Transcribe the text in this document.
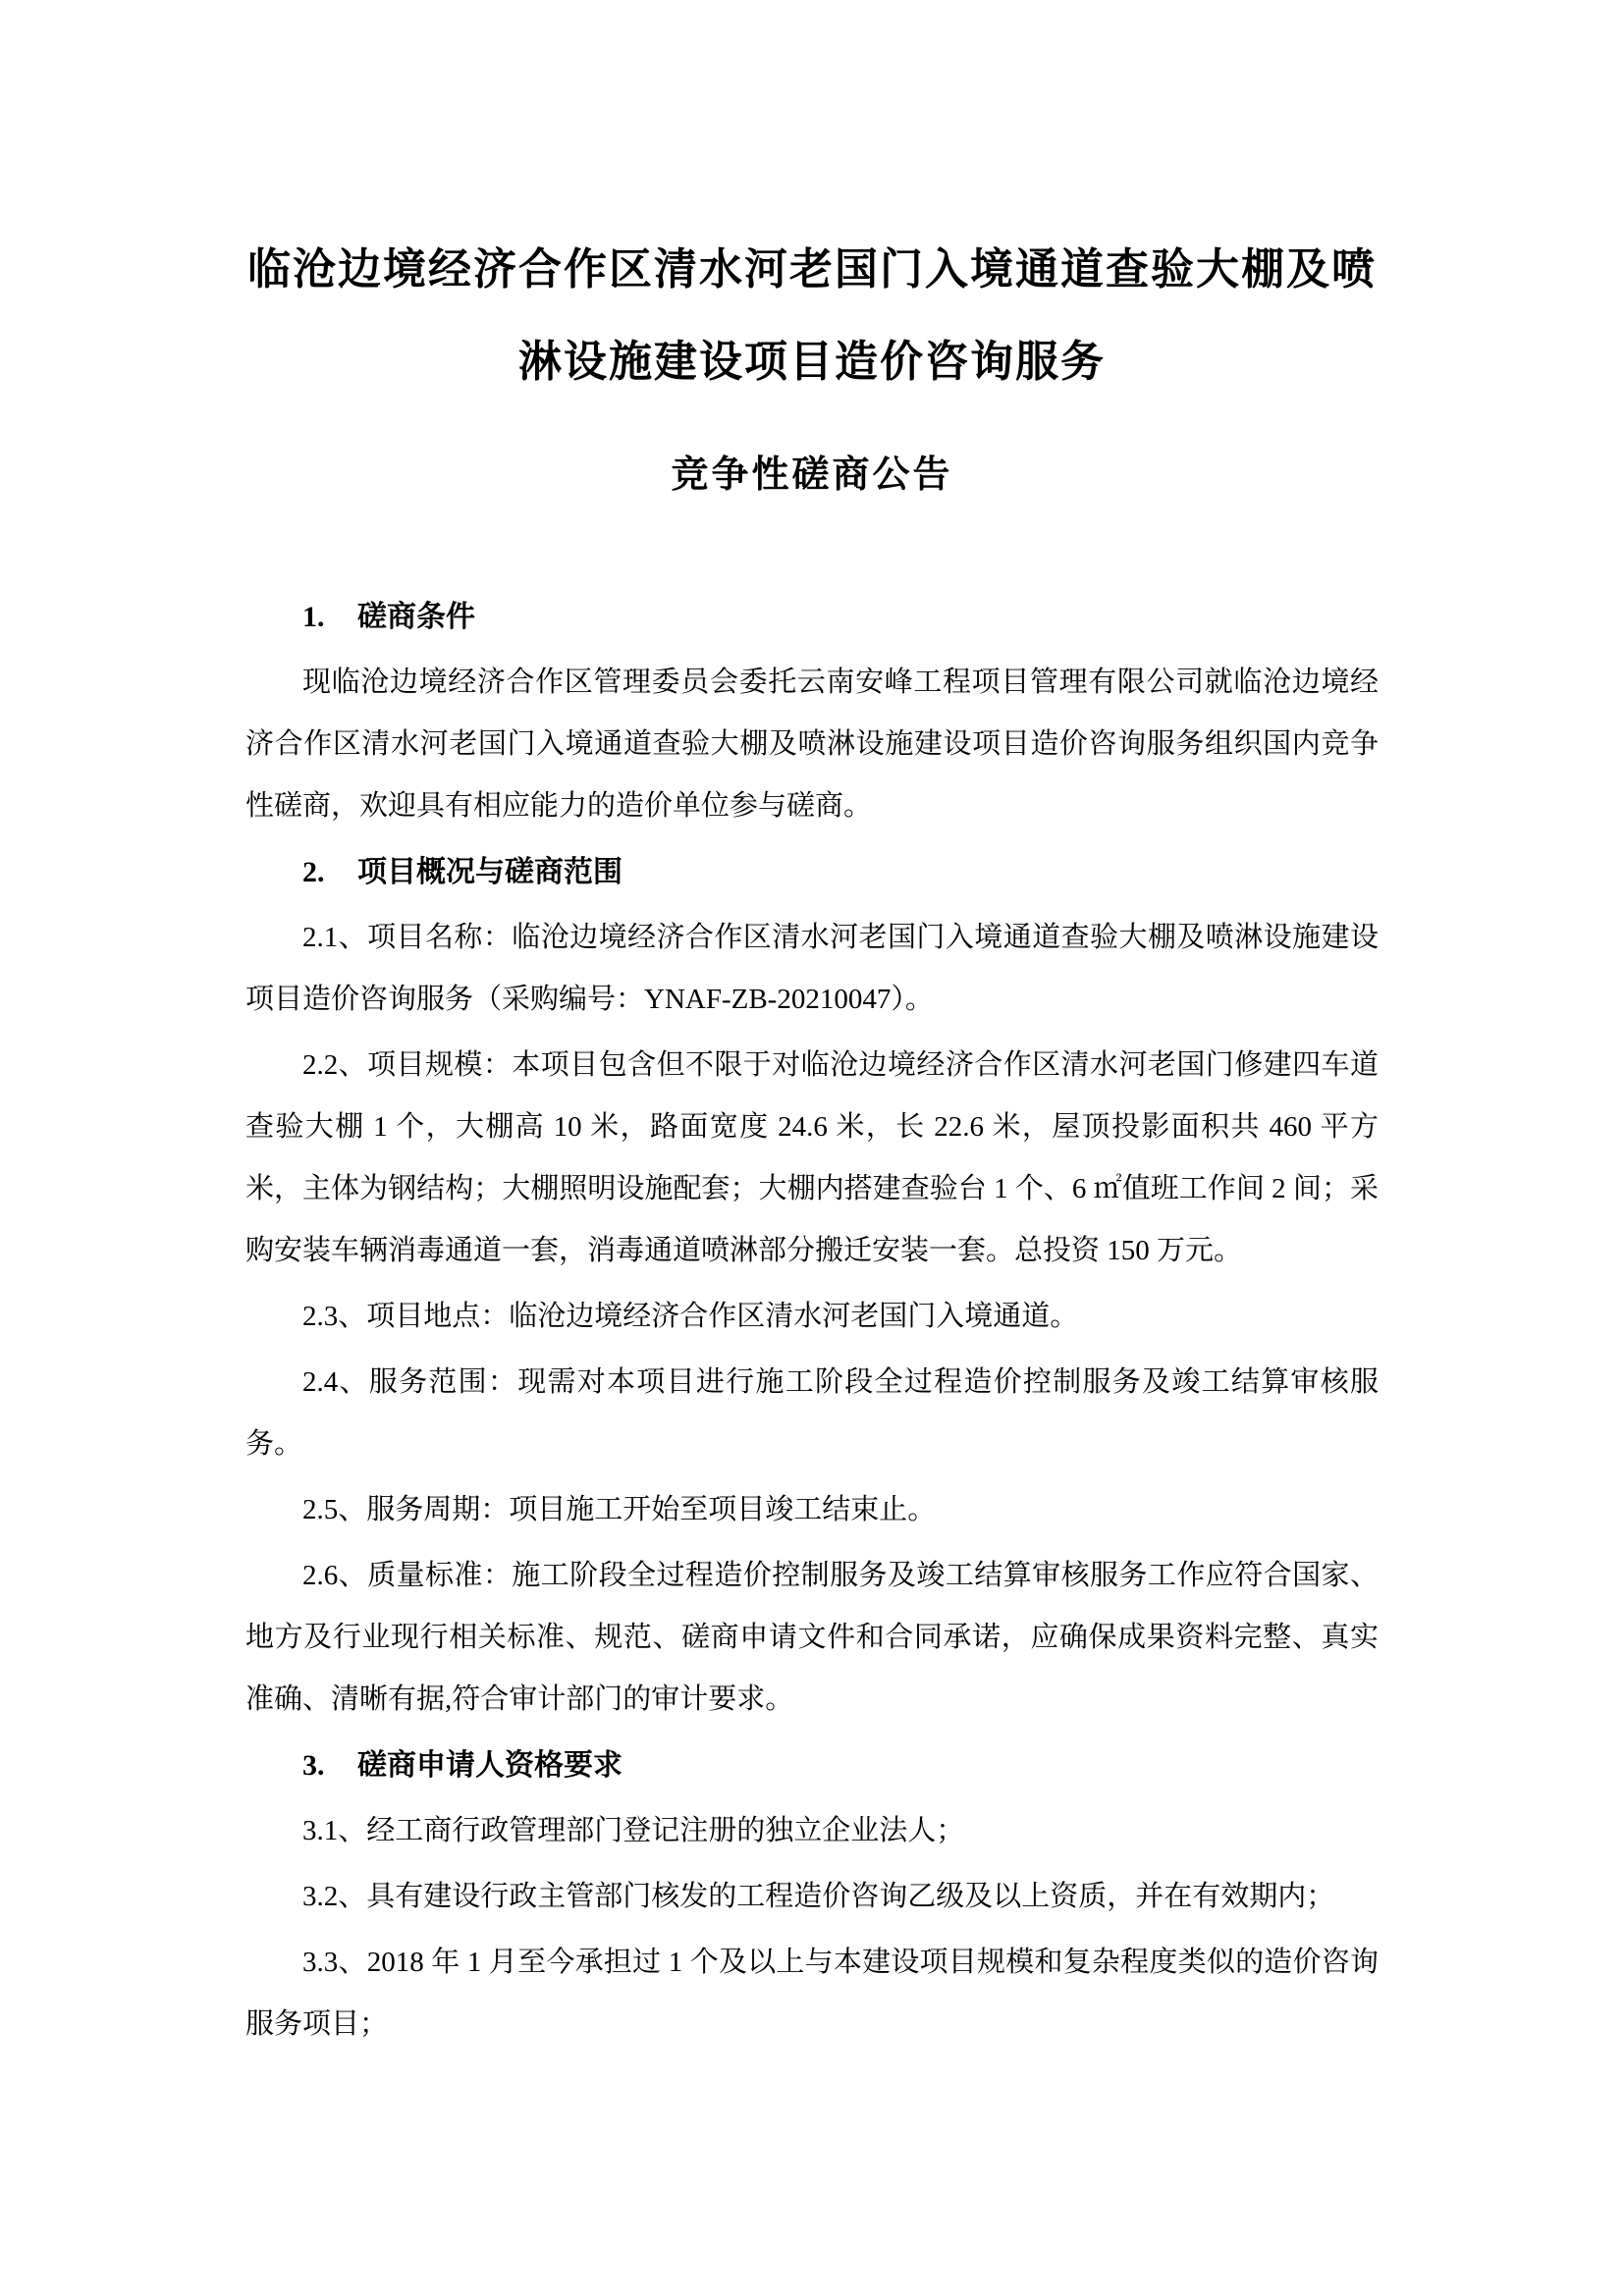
临沧边境经济合作区清水河老国门入境通道查验大棚及喷
淋设施建设项目造价咨询服务
竞争性磋商公告
1. 磋商条件

现临沧边境经济合作区管理委员会委托云南安峰工程项目管理有限公司就临沧边境经济合作区清水河老国门入境通道查验大棚及喷淋设施建设项目造价咨询服务组织国内竞争性磋商，欢迎具有相应能力的造价单位参与磋商。

2. 项目概况与磋商范围

2.1、项目名称：临沧边境经济合作区清水河老国门入境通道查验大棚及喷淋设施建设项目造价咨询服务（采购编号：YNAF-ZB-20210047）。

2.2、项目规模：本项目包含但不限于对临沧边境经济合作区清水河老国门修建四车道查验大棚 1 个，大棚高 10 米，路面宽度 24.6 米，长 22.6 米，屋顶投影面积共 460 平方米，主体为钢结构；大棚照明设施配套；大棚内搭建查验台 1 个、6 ㎡值班工作间 2 间；采购安装车辆消毒通道一套，消毒通道喷淋部分搬迁安装一套。总投资 150 万元。

2.3、项目地点：临沧边境经济合作区清水河老国门入境通道。

2.4、服务范围：现需对本项目进行施工阶段全过程造价控制服务及竣工结算审核服务。

2.5、服务周期：项目施工开始至项目竣工结束止。

2.6、质量标准：施工阶段全过程造价控制服务及竣工结算审核服务工作应符合国家、地方及行业现行相关标准、规范、磋商申请文件和合同承诺，应确保成果资料完整、真实准确、清晰有据,符合审计部门的审计要求。

3. 磋商申请人资格要求

3.1、经工商行政管理部门登记注册的独立企业法人；

3.2、具有建设行政主管部门核发的工程造价咨询乙级及以上资质，并在有效期内；

3.3、2018 年 1 月至今承担过 1 个及以上与本建设项目规模和复杂程度类似的造价咨询服务项目；
